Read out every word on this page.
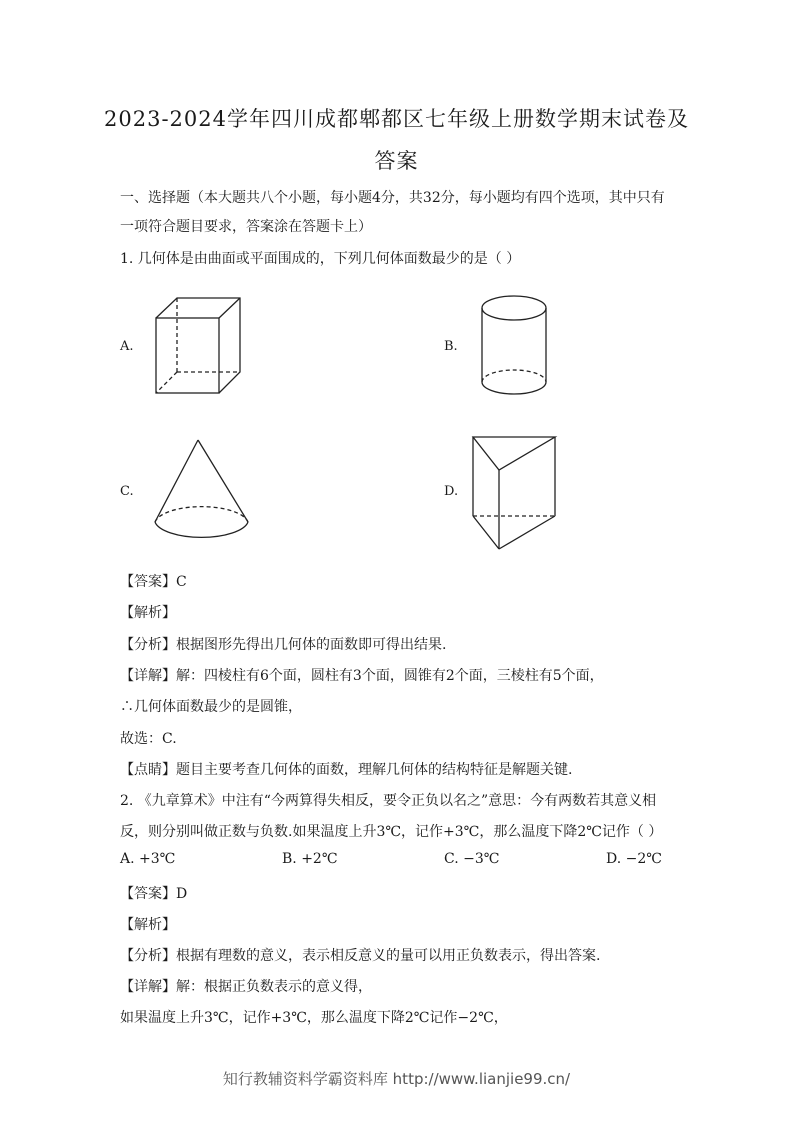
2023-2024学年四川成都郫都区七年级上册数学期末试卷及
答案
一、选择题（本大题共八个小题，每小题4分，共32分，每小题均有四个选项，其中只有
一项符合题目要求，答案涂在答题卡上）
1. 几何体是由曲面或平面围成的，下列几何体面数最少的是（ ）
A.	B.
C.	D.
【答案】C
【解析】
【分析】根据图形先得出几何体的面数即可得出结果.
【详解】解：四棱柱有6个面，圆柱有3个面，圆锥有2个面，三棱柱有5个面，
∴几何体面数最少的是圆锥，
故选：C.
【点睛】题目主要考查几何体的面数，理解几何体的结构特征是解题关键.
2. 《九章算术》中注有“今两算得失相反，要令正负以名之”意思：今有两数若其意义相
反，则分别叫做正数与负数.如果温度上升3℃，记作+3℃，那么温度下降2℃记作（ ）
A. +3℃	B. +2℃	C. −3℃	D. −2℃
【答案】D
【解析】
【分析】根据有理数的意义，表示相反意义的量可以用正负数表示，得出答案.
【详解】解：根据正负数表示的意义得，
如果温度上升3℃，记作+3℃，那么温度下降2℃记作−2℃，
知行教辅资料学霸资料库 http://www.lianjie99.cn/
